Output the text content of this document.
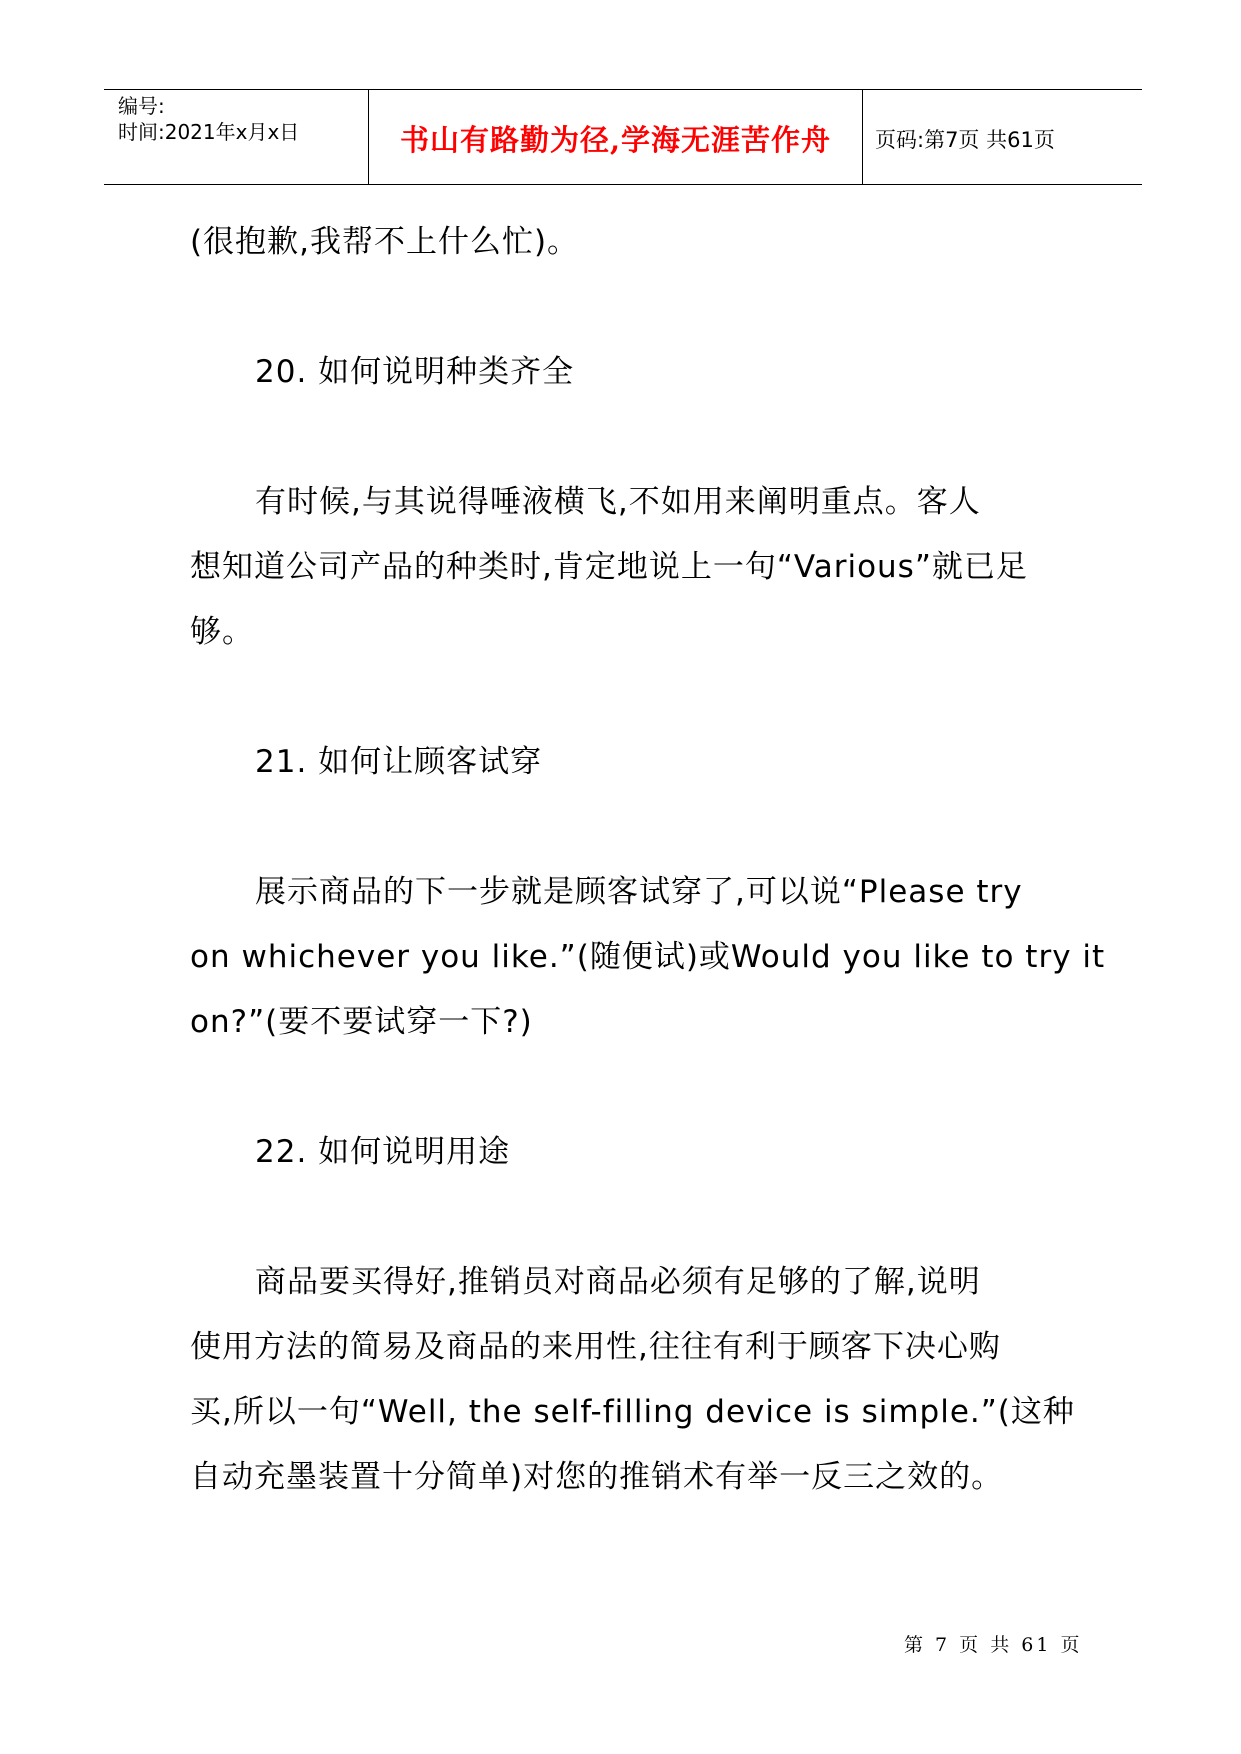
编号:
时间:2021年x月x日	书山有路勤为径,学海无涯苦作舟	页码:第7页 共61页
(很抱歉,我帮不上什么忙)。
20. 如何说明种类齐全
有时候,与其说得唾液横飞,不如用来阐明重点。客人
想知道公司产品的种类时,肯定地说上一句“Various”就已足
够。
21. 如何让顾客试穿
展示商品的下一步就是顾客试穿了,可以说“Please try
on whichever you like.”(随便试)或Would you like to try it
on?”(要不要试穿一下?)
22. 如何说明用途
商品要买得好,推销员对商品必须有足够的了解,说明
使用方法的简易及商品的来用性,往往有利于顾客下决心购
买,所以一句“Well, the self-filling device is simple.”(这种
自动充墨装置十分简单)对您的推销术有举一反三之效的。
第 7 页 共 61 页
